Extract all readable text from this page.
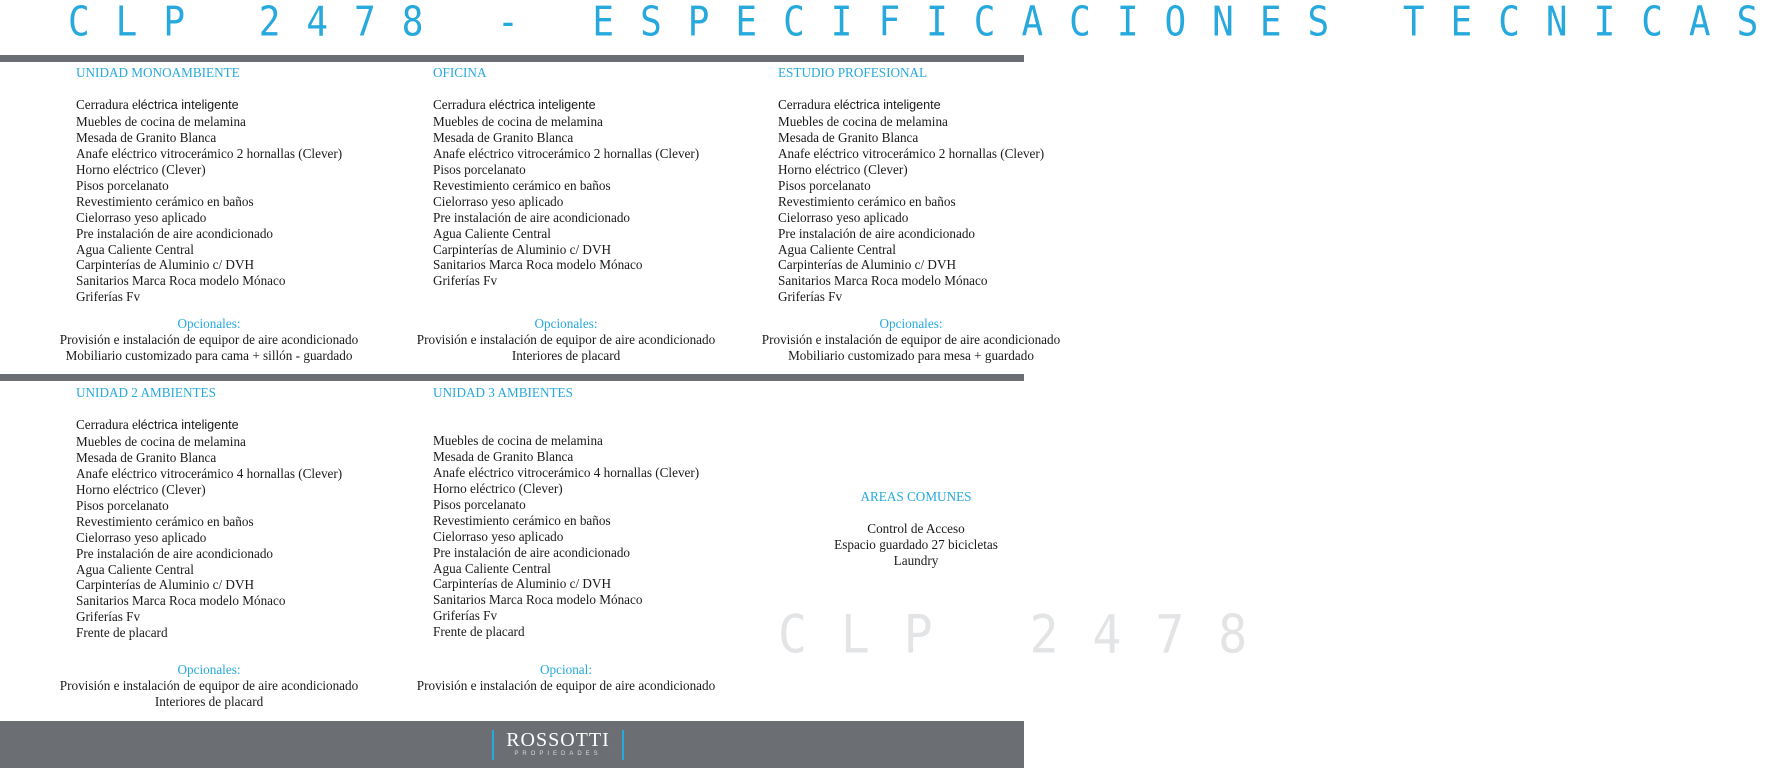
CLP 2478 - ESPECIFICACIONES TECNICAS
UNIDAD MONOAMBIENTE
Cerradura eléctrica inteligente
Muebles de cocina de melamina
Mesada de Granito Blanca
Anafe eléctrico vitrocerámico 2 hornallas (Clever)
Horno eléctrico (Clever)
Pisos porcelanato
Revestimiento cerámico en baños
Cielorraso yeso aplicado
Pre instalación de aire acondicionado
Agua Caliente Central
Carpinterías de Aluminio c/ DVH
Sanitarios Marca Roca modelo Mónaco
Griferías Fv
Opcionales:
Provisión e instalación de equipor de aire acondicionado
Mobiliario customizado para cama + sillón - guardado
OFICINA
Cerradura eléctrica inteligente
Muebles de cocina de melamina
Mesada de Granito Blanca
Anafe eléctrico vitrocerámico 2 hornallas (Clever)
Pisos porcelanato
Revestimiento cerámico en baños
Cielorraso yeso aplicado
Pre instalación de aire acondicionado
Agua Caliente Central
Carpinterías de Aluminio c/ DVH
Sanitarios Marca Roca modelo Mónaco
Griferías Fv
Opcionales:
Provisión e instalación de equipor de aire acondicionado
Interiores de placard
ESTUDIO PROFESIONAL
Cerradura eléctrica inteligente
Muebles de cocina de melamina
Mesada de Granito Blanca
Anafe eléctrico vitrocerámico 2 hornallas (Clever)
Horno eléctrico (Clever)
Pisos porcelanato
Revestimiento cerámico en baños
Cielorraso yeso aplicado
Pre instalación de aire acondicionado
Agua Caliente Central
Carpinterías de Aluminio c/ DVH
Sanitarios Marca Roca modelo Mónaco
Griferías Fv
Opcionales:
Provisión e instalación de equipor de aire acondicionado
Mobiliario customizado para mesa + guardado
UNIDAD 2 AMBIENTES
Cerradura eléctrica inteligente
Muebles de cocina de melamina
Mesada de Granito Blanca
Anafe eléctrico vitrocerámico 4 hornallas (Clever)
Horno eléctrico (Clever)
Pisos porcelanato
Revestimiento cerámico en baños
Cielorraso yeso aplicado
Pre instalación de aire acondicionado
Agua Caliente Central
Carpinterías de Aluminio c/ DVH
Sanitarios Marca Roca modelo Mónaco
Griferías Fv
Frente de placard
Opcionales:
Provisión e instalación de equipor de aire acondicionado
Interiores de placard
UNIDAD 3 AMBIENTES

Muebles de cocina de melamina
Mesada de Granito Blanca
Anafe eléctrico vitrocerámico 4 hornallas (Clever)
Horno eléctrico (Clever)
Pisos porcelanato
Revestimiento cerámico en baños
Cielorraso yeso aplicado
Pre instalación de aire acondicionado
Agua Caliente Central
Carpinterías de Aluminio c/ DVH
Sanitarios Marca Roca modelo Mónaco
Griferías Fv
Frente de placard
Opcional:
Provisión e instalación de equipor de aire acondicionado
AREAS COMUNES
Control de Acceso
Espacio guardado 27 bicicletas
Laundry
CLP 2478
ROSSOTTI
PROPIEDADES
